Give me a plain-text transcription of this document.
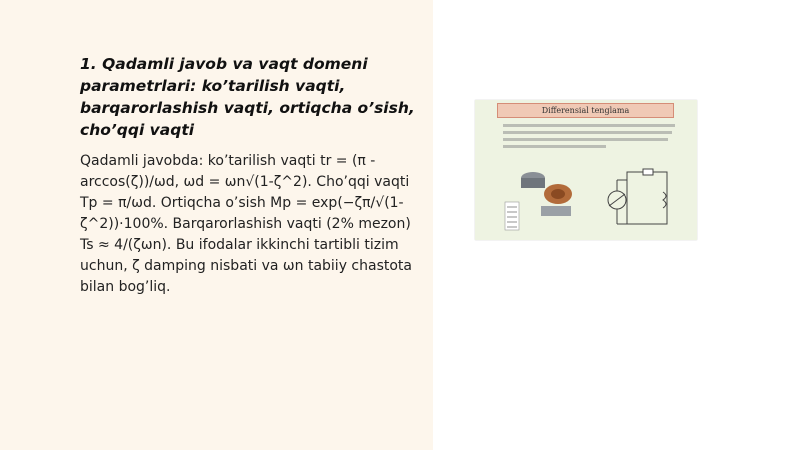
1. Qadamli javob va vaqt domeni parametrlari: ko’tarilish vaqti, barqarorlashish vaqti, ortiqcha o’sish, cho’qqi vaqti

Qadamli javobda: ko’tarilish vaqti tr = (π - arccos(ζ))/ωd, ωd = ωn√(1-ζ^2). Cho’qqi vaqti Tp = π/ωd. Ortiqcha o’sish Mp = exp(−ζπ/√(1-ζ^2))·100%. Barqarorlashish vaqti (2% mezon) Ts ≈ 4/(ζωn). Bu ifodalar ikkinchi tartibli tizim uchun, ζ damping nisbati va ωn tabiiy chastota bilan bog’liq.

Differensial tenglama
